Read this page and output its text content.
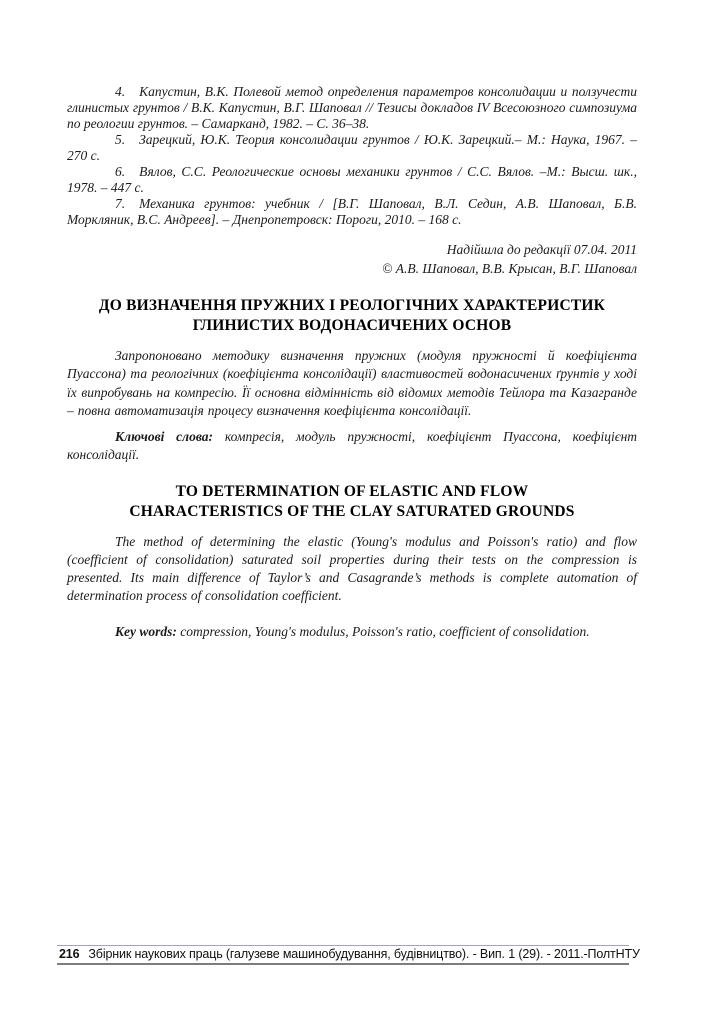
4. Капустин, В.К. Полевой метод определения параметров консолидации и ползучести глинистых грунтов / В.К. Капустин, В.Г. Шаповал // Тезисы докладов IV Всесоюзного симпозиума по реологии грунтов. – Самарканд, 1982. – С. 36–38.

5. Зарецкий, Ю.К. Теория консолидации грунтов / Ю.К. Зарецкий.– М.: Наука, 1967. – 270 с.

6. Вялов, С.С. Реологические основы механики грунтов / С.С. Вялов. –М.: Высш. шк., 1978. – 447 с.

7. Механика грунтов: учебник / [В.Г. Шаповал, В.Л. Седин, А.В. Шаповал, Б.В. Моркляник, В.С. Андреев]. – Днепропетровск: Пороги, 2010. – 168 с.

Надійшла до редакції 07.04. 2011

© А.В. Шаповал, В.В. Крысан, В.Г. Шаповал

ДО ВИЗНАЧЕННЯ ПРУЖНИХ І РЕОЛОГІЧНИХ ХАРАКТЕРИСТИК
ГЛИНИСТИХ ВОДОНАСИЧЕНИХ ОСНОВ

Запропоновано методику визначення пружних (модуля пружності й коефіцієнта Пуассона) та реологічних (коефіцієнта консолідації) властивостей водонасичених ґрунтів у ході їх випробувань на компресію. Її основна відмінність від відомих методів Тейлора та Казагранде – повна автоматизація процесу визначення коефіцієнта консолідації.

Ключові слова: компресія, модуль пружності, коефіцієнт Пуассона, коефіцієнт консолідації.

TO DETERMINATION OF ELASTIC AND FLOW
CHARACTERISTICS OF THE CLAY SATURATED GROUNDS

The method of determining the elastic (Young's modulus and Poisson's ratio) and flow (coefficient of consolidation) saturated soil properties during their tests on the compression is presented. Its main difference of Taylor’s and Casagrande’s methods is complete automation of determination process of consolidation coefficient.

Key words: compression, Young's modulus, Poisson's ratio, coefficient of consolidation.

216 Збірник наукових праць (галузеве машинобудування, будівництво). - Вип. 1 (29). - 2011.-ПолтНТУ
